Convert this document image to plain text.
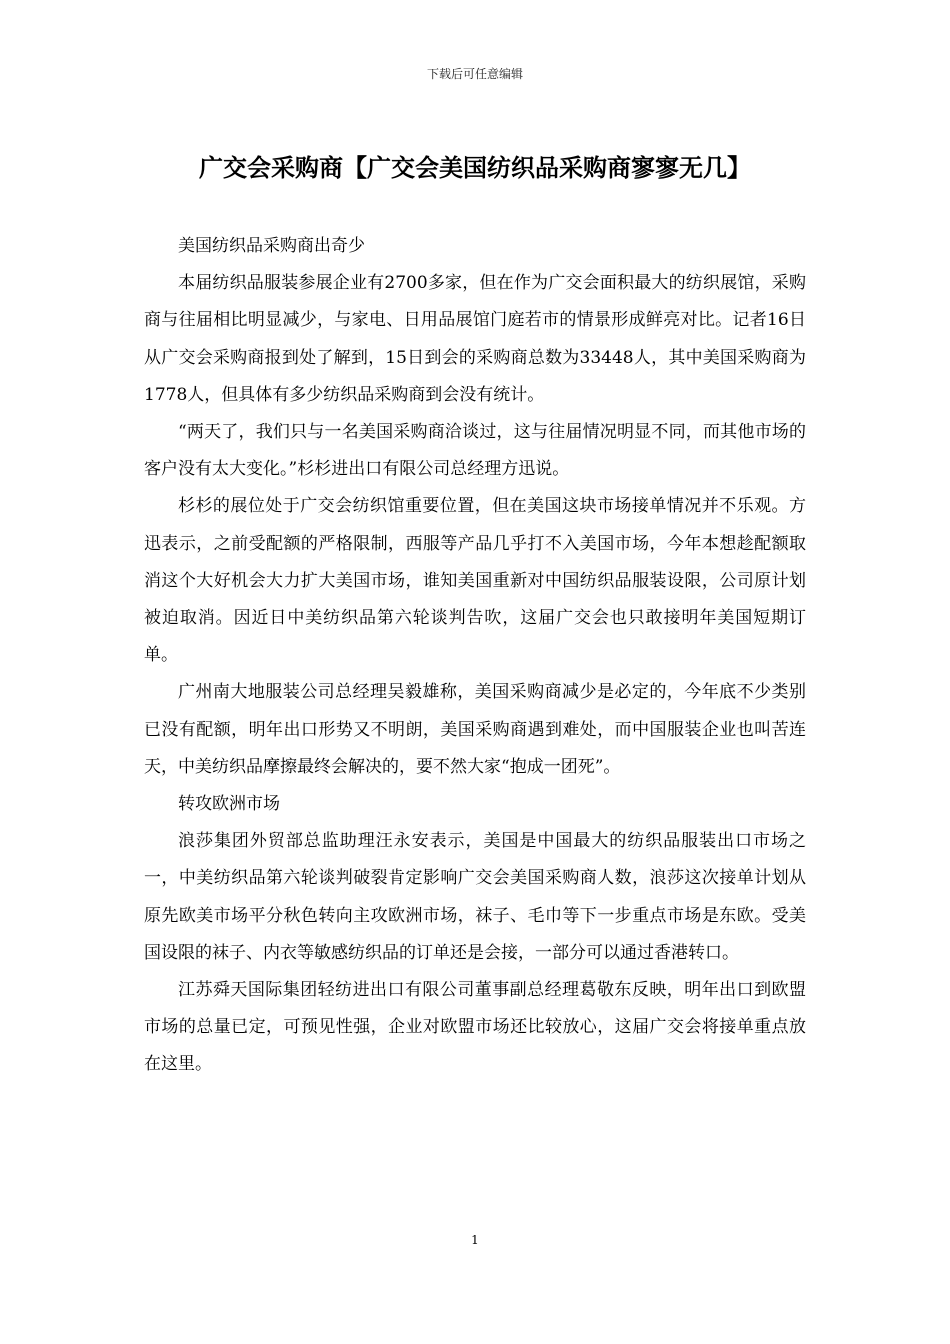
下载后可任意编辑
广交会采购商【广交会美国纺织品采购商寥寥无几】

美国纺织品采购商出奇少

本届纺织品服装参展企业有2700多家，但在作为广交会面积最大的纺织展馆，采购商与往届相比明显减少，与家电、日用品展馆门庭若市的情景形成鲜亮对比。记者16日从广交会采购商报到处了解到，15日到会的采购商总数为33448人，其中美国采购商为1778人，但具体有多少纺织品采购商到会没有统计。

“两天了，我们只与一名美国采购商洽谈过，这与往届情况明显不同，而其他市场的客户没有太大变化。”杉杉进出口有限公司总经理方迅说。

杉杉的展位处于广交会纺织馆重要位置，但在美国这块市场接单情况并不乐观。方迅表示，之前受配额的严格限制，西服等产品几乎打不入美国市场，今年本想趁配额取消这个大好机会大力扩大美国市场，谁知美国重新对中国纺织品服装设限，公司原计划被迫取消。因近日中美纺织品第六轮谈判告吹，这届广交会也只敢接明年美国短期订单。

广州南大地服装公司总经理吴毅雄称，美国采购商减少是必定的，今年底不少类别已没有配额，明年出口形势又不明朗，美国采购商遇到难处，而中国服装企业也叫苦连天，中美纺织品摩擦最终会解决的，要不然大家“抱成一团死”。

转攻欧洲市场

浪莎集团外贸部总监助理汪永安表示，美国是中国最大的纺织品服装出口市场之一，中美纺织品第六轮谈判破裂肯定影响广交会美国采购商人数，浪莎这次接单计划从原先欧美市场平分秋色转向主攻欧洲市场，袜子、毛巾等下一步重点市场是东欧。受美国设限的袜子、内衣等敏感纺织品的订单还是会接，一部分可以通过香港转口。

江苏舜天国际集团轻纺进出口有限公司董事副总经理葛敬东反映，明年出口到欧盟市场的总量已定，可预见性强，企业对欧盟市场还比较放心，这届广交会将接单重点放在这里。

1
